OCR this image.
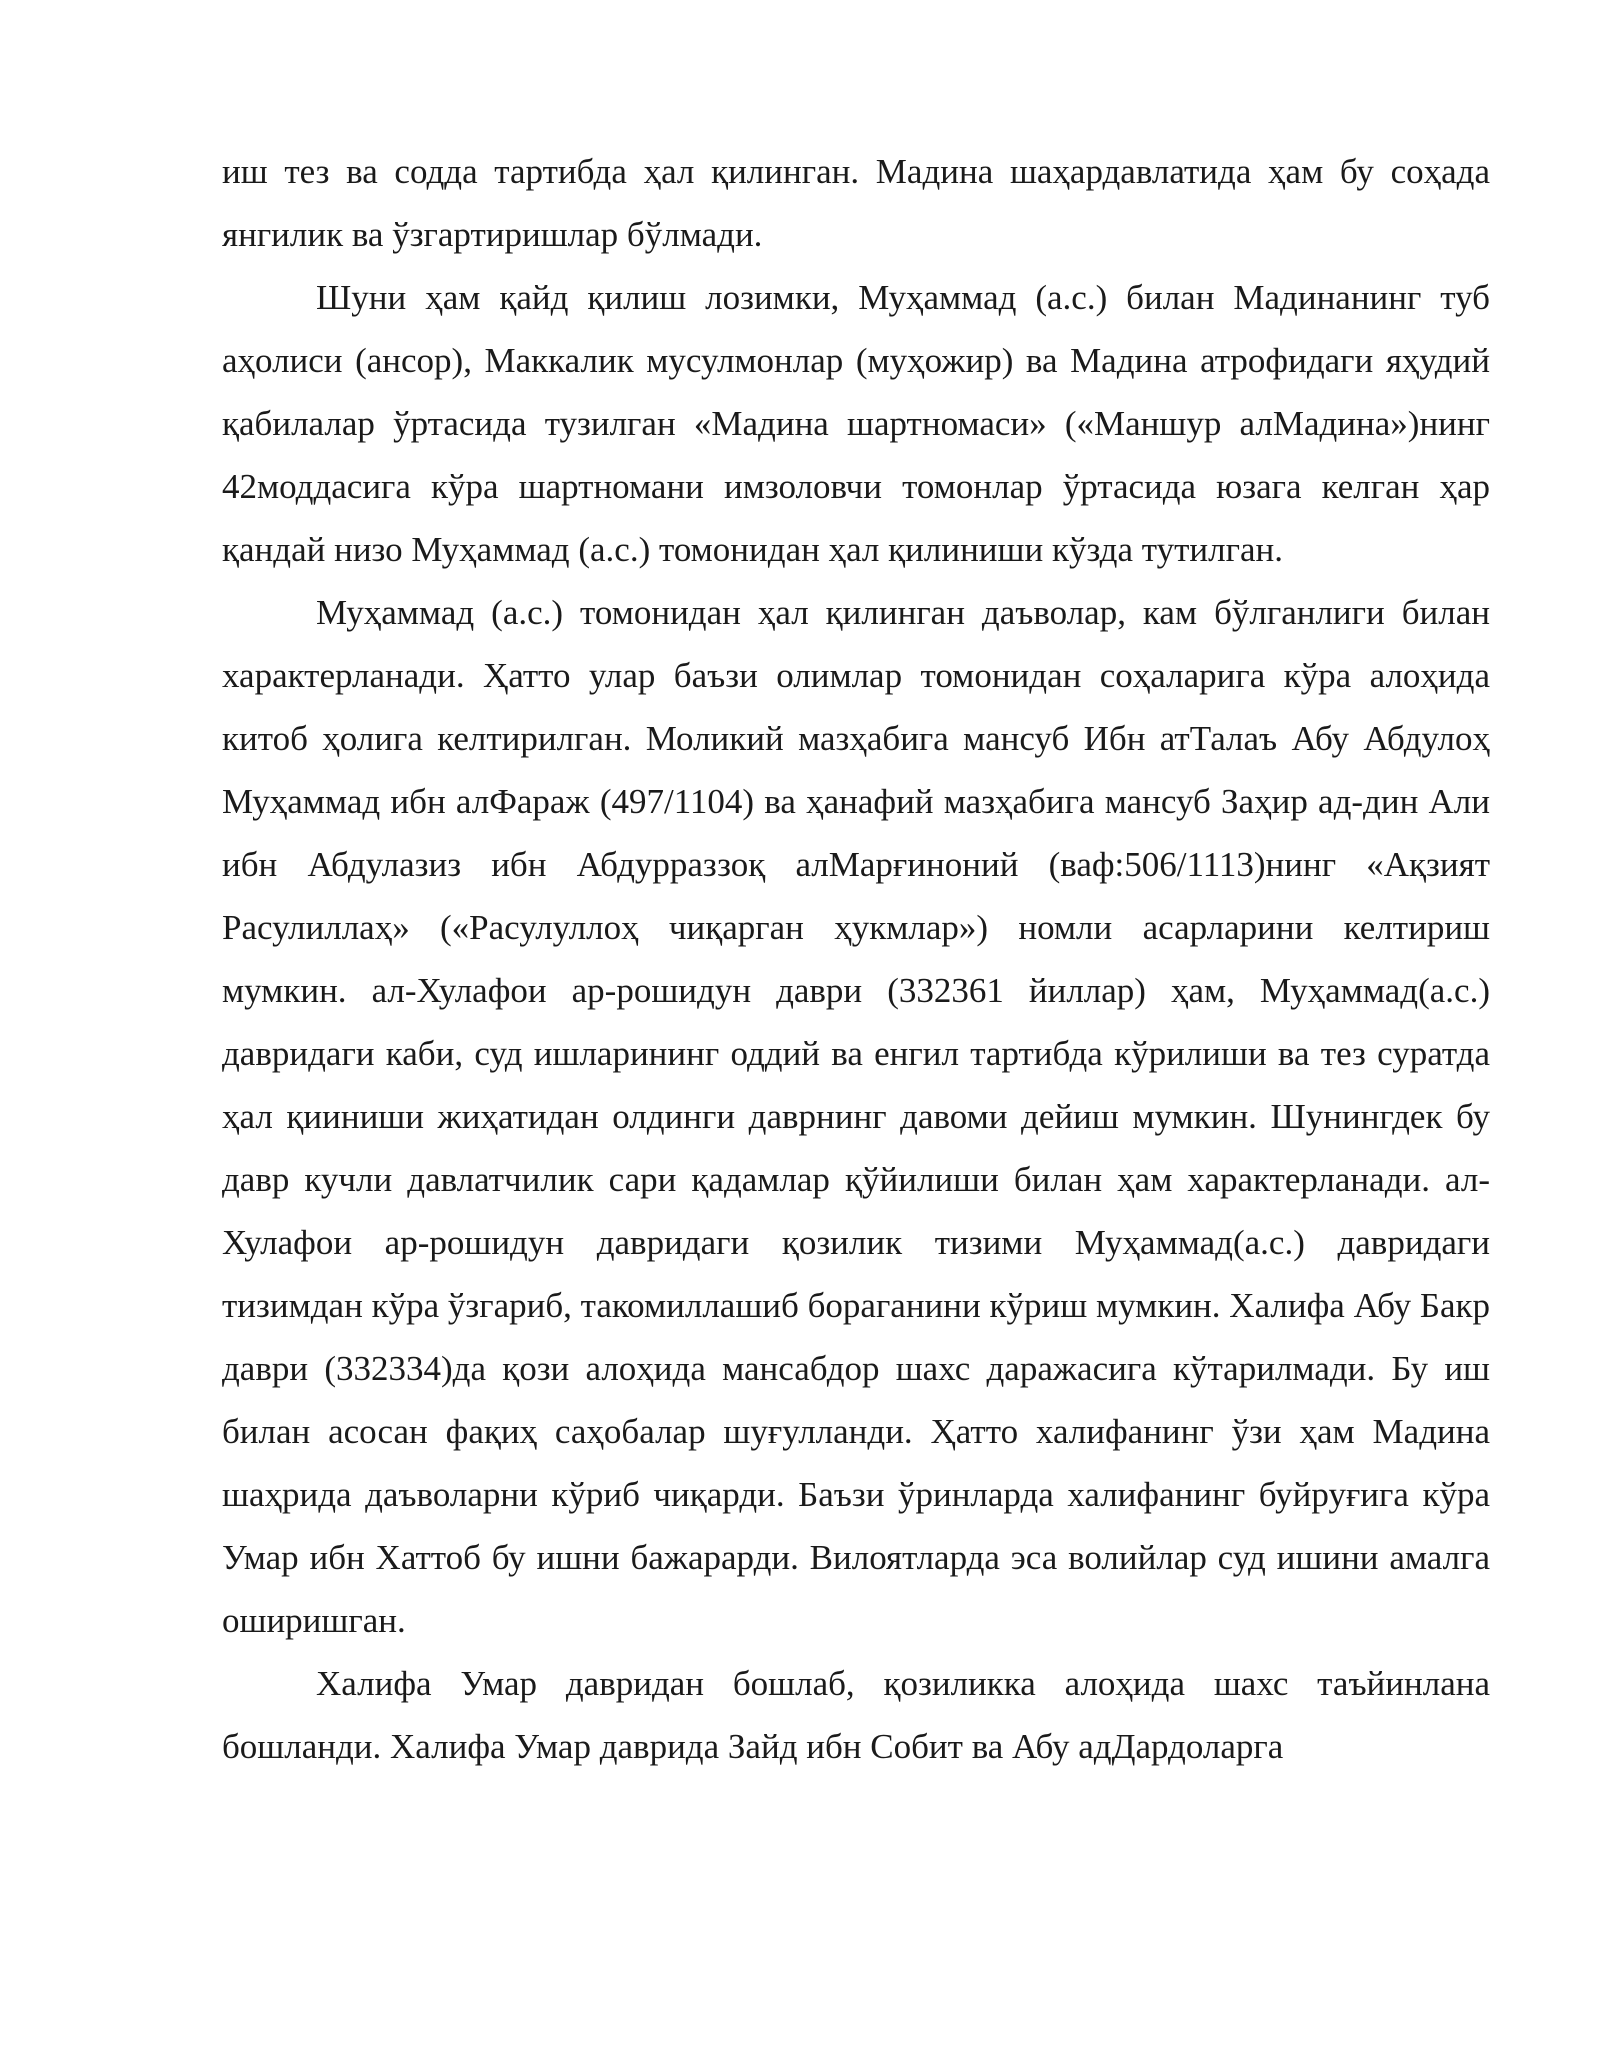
иш тез ва содда тартибда ҳал қилинган. Мадина шаҳардавлатида ҳам бу соҳада янгилик ва ўзгартиришлар бўлмади.

Шуни ҳам қайд қилиш лозимки, Муҳаммад (а.с.) билан Мадинанинг туб аҳолиси (ансор), Маккалик мусулмонлар (муҳожир) ва Мадина атрофидаги яҳудий қабилалар ўртасида тузилган «Мадина шартномаси» («Маншур алМадина»)нинг 42моддасига кўра шартномани имзоловчи томонлар ўртасида юзага келган ҳар қандай низо Муҳаммад (а.с.) томонидан ҳал қилиниши кўзда тутилган.

Муҳаммад (а.с.) томонидан ҳал қилинган даъволар, кам бўлганлиги билан характерланади. Ҳатто улар баъзи олимлар томонидан соҳаларига кўра алоҳида китоб ҳолига келтирилган. Моликий мазҳабига мансуб Ибн атТалаъ Абу Абдулоҳ Муҳаммад ибн алФараж (497/1104) ва ҳанафий мазҳабига мансуб Заҳир ад-дин Али ибн Абдулазиз ибн Абдурраззоқ алМарғиноний (ваф:506/1113)нинг «Ақзият Расулиллаҳ» («Расулуллоҳ чиқарган ҳукмлар») номли асарларини келтириш мумкин. ал-Хулафои ар-рошидун даври (332361 йиллар) ҳам, Муҳаммад(а.с.) давридаги каби, суд ишларининг оддий ва енгил тартибда кўрилиши ва тез суратда ҳал қииниши жиҳатидан олдинги даврнинг давоми дейиш мумкин. Шунингдек бу давр кучли давлатчилик сари қадамлар қўйилиши билан ҳам характерланади. ал-Хулафои ар-рошидун давридаги қозилик тизими Муҳаммад(а.с.) давридаги тизимдан кўра ўзгариб, такомиллашиб бораганини кўриш мумкин. Халифа Абу Бакр даври (332334)да қози алоҳида мансабдор шахс даражасига кўтарилмади. Бу иш билан асосан фақиҳ саҳобалар шуғулланди. Ҳатто халифанинг ўзи ҳам Мадина шаҳрида даъволарни кўриб чиқарди. Баъзи ўринларда халифанинг буйруғига кўра Умар ибн Хаттоб бу ишни бажарарди. Вилоятларда эса волийлар суд ишини амалга оширишган.

Халифа Умар давридан бошлаб, қозиликка алоҳида шахс таъйинлана бошланди. Халифа Умар даврида Зайд ибн Собит ва Абу адДардоларга
